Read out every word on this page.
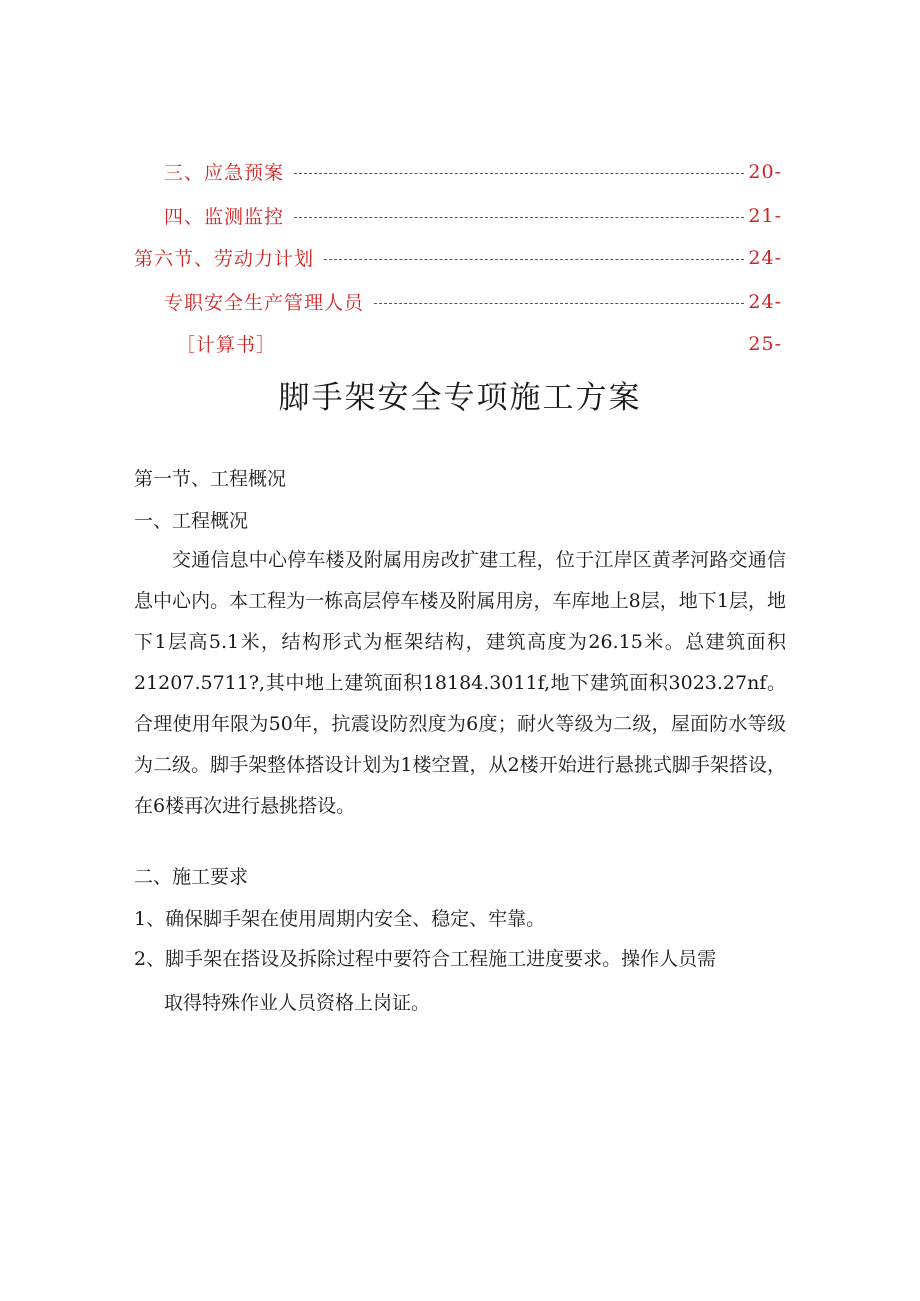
三、应急预案	20-
四、监测监控	21-
第六节、劳动力计划	24-
专职安全生产管理人员	24-
［计算书］	25-
脚手架安全专项施工方案
第一节、工程概况
一、工程概况
交通信息中心停车楼及附属用房改扩建工程，位于江岸区黄孝河路交通信息中心内。本工程为一栋高层停车楼及附属用房，车库地上8层，地下1层，地下1层高5.1米，结构形式为框架结构，建筑高度为26.15米。总建筑面积21207.5711?,其中地上建筑面积18184.3011f,地下建筑面积3023.27nf。合理使用年限为50年，抗震设防烈度为6度；耐火等级为二级，屋面防水等级为二级。脚手架整体搭设计划为1楼空置，从2楼开始进行悬挑式脚手架搭设，在6楼再次进行悬挑搭设。
二、施工要求
1、确保脚手架在使用周期内安全、稳定、牢靠。
2、脚手架在搭设及拆除过程中要符合工程施工进度要求。操作人员需
取得特殊作业人员资格上岗证。
